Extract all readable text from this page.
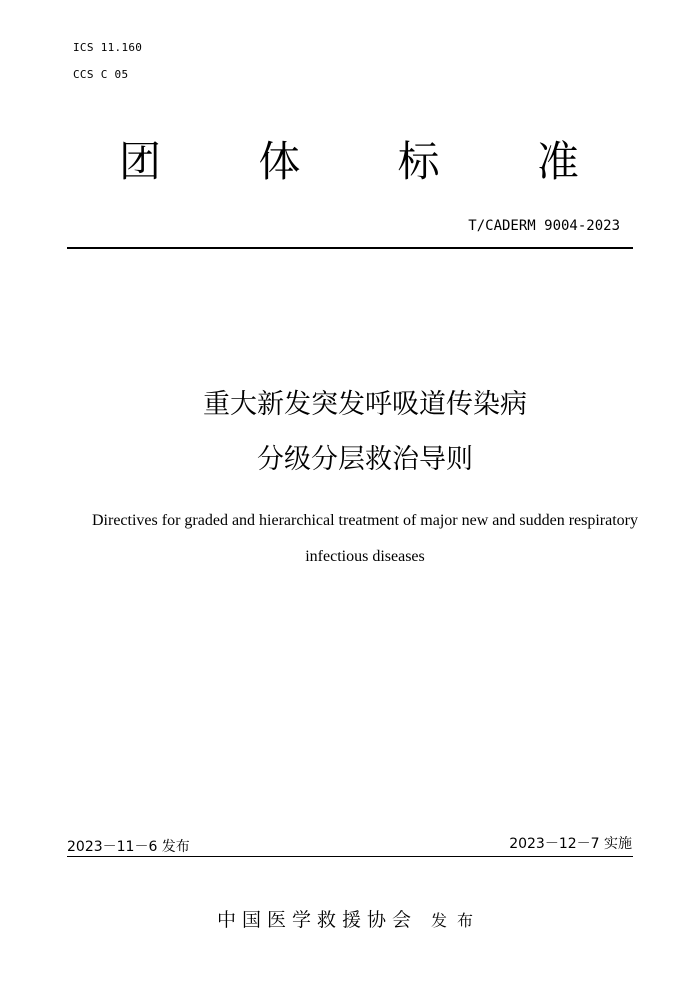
ICS 11.160
CCS C 05
团	体	标	准
T/CADERM 9004-2023
重大新发突发呼吸道传染病
分级分层救治导则
Directives for graded and hierarchical treatment of major new and sudden respiratory
infectious diseases
2023－11－6 发布	2023－12－7 实施
中国医学救援协会 发布
